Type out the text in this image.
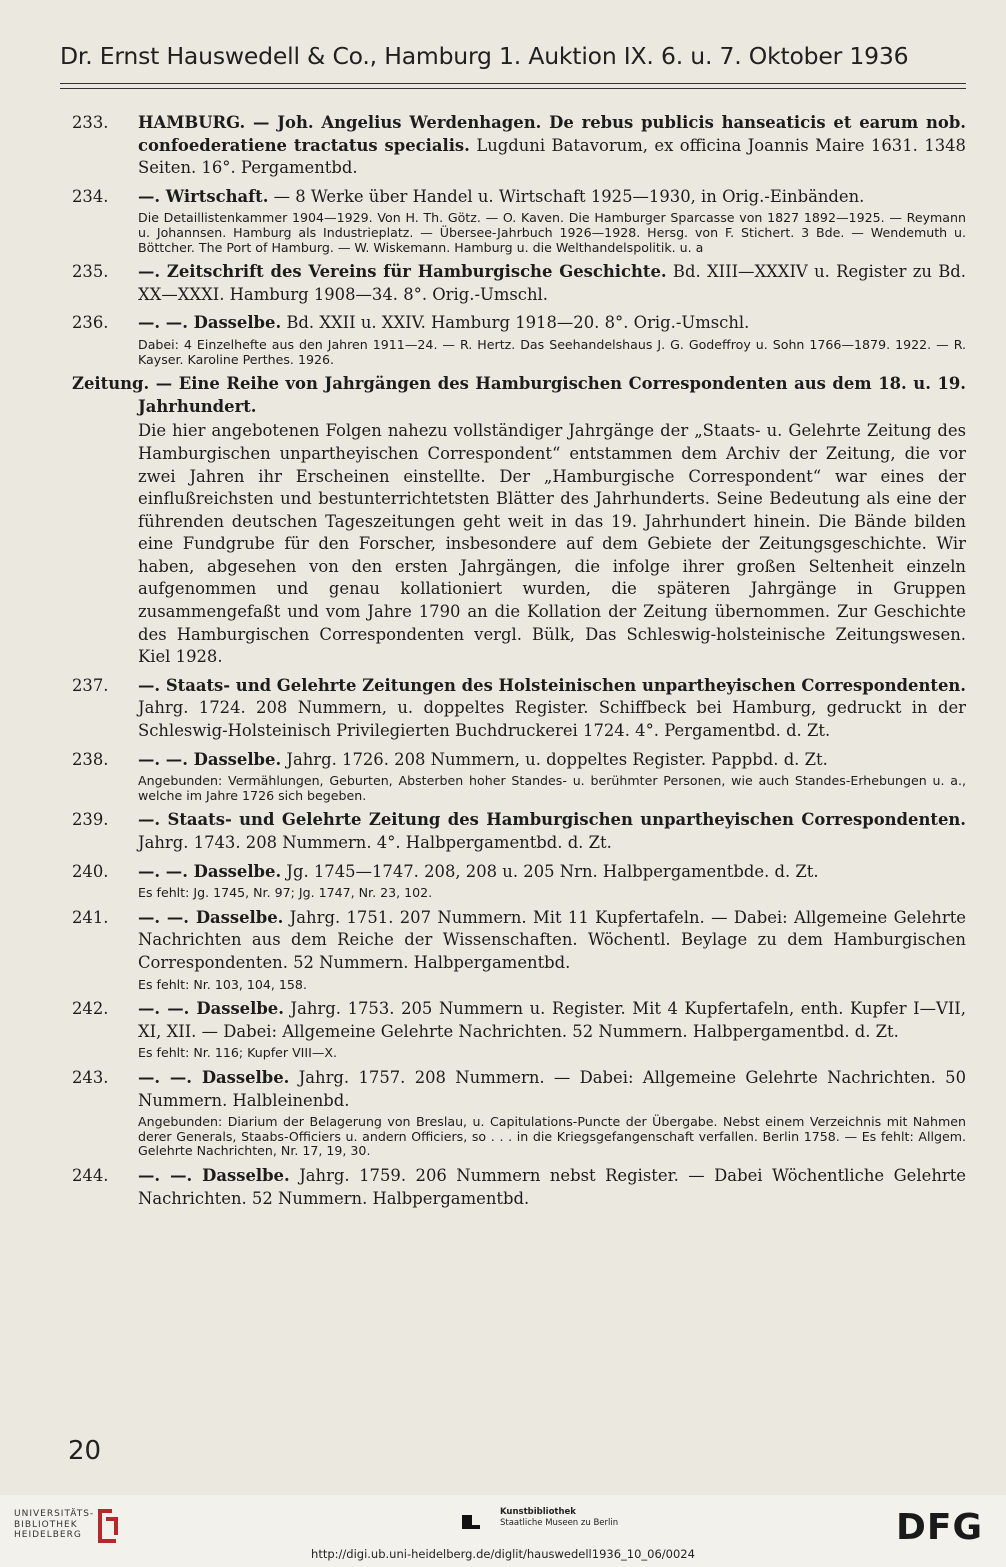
Dr. Ernst Hauswedell & Co., Hamburg 1. Auktion IX. 6. u. 7. Oktober 1936
233.	HAMBURG. — Joh. Angelius Werdenhagen. De rebus publicis hanseaticis et earum nob. confoederatiene tractatus specialis. Lugduni Batavorum, ex officina Joannis Maire 1631. 1348 Seiten. 16°. Pergamentbd.
234.	—. Wirtschaft. — 8 Werke über Handel u. Wirtschaft 1925—1930, in Orig.-Einbänden.
Die Detaillistenkammer 1904—1929. Von H. Th. Götz. — O. Kaven. Die Hamburger Sparcasse von 1827 1892—1925. — Reymann u. Johannsen. Hamburg als Industrieplatz. — Übersee-Jahrbuch 1926—1928. Hersg. von F. Stichert. 3 Bde. — Wendemuth u. Böttcher. The Port of Hamburg. — W. Wiskemann. Hamburg u. die Welthandelspolitik. u. a
235.	—. Zeitschrift des Vereins für Hamburgische Geschichte. Bd. XIII—XXXIV u. Register zu Bd. XX—XXXI. Hamburg 1908—34. 8°. Orig.-Umschl.
236.	—. —. Dasselbe. Bd. XXII u. XXIV. Hamburg 1918—20. 8°. Orig.-Umschl.
Dabei: 4 Einzelhefte aus den Jahren 1911—24. — R. Hertz. Das Seehandelshaus J. G. Godeffroy u. Sohn 1766—1879. 1922. — R. Kayser. Karoline Perthes. 1926.
Zeitung. — Eine Reihe von Jahrgängen des Hamburgischen Correspondenten aus dem 18. u. 19. Jahrhundert.
Die hier angebotenen Folgen nahezu vollständiger Jahrgänge der „Staats- u. Gelehrte Zeitung des Hamburgischen unpartheyischen Correspondent“ entstammen dem Archiv der Zeitung, die vor zwei Jahren ihr Erscheinen einstellte. Der „Hamburgische Correspondent“ war eines der einflußreichsten und bestunterrichtetsten Blätter des Jahrhunderts. Seine Bedeutung als eine der führenden deutschen Tageszeitungen geht weit in das 19. Jahrhundert hinein. Die Bände bilden eine Fundgrube für den Forscher, insbesondere auf dem Gebiete der Zeitungsgeschichte. Wir haben, abgesehen von den ersten Jahrgängen, die infolge ihrer großen Seltenheit einzeln aufgenommen und genau kollationiert wurden, die späteren Jahrgänge in Gruppen zusammengefaßt und vom Jahre 1790 an die Kollation der Zeitung übernommen. Zur Geschichte des Hamburgischen Correspondenten vergl. Bülk, Das Schleswig-holsteinische Zeitungswesen. Kiel 1928.
237.	—. Staats- und Gelehrte Zeitungen des Holsteinischen unpartheyischen Correspondenten. Jahrg. 1724. 208 Nummern, u. doppeltes Register. Schiffbeck bei Hamburg, gedruckt in der Schleswig-Holsteinisch Privilegierten Buchdruckerei 1724. 4°. Pergamentbd. d. Zt.
238.	—. —. Dasselbe. Jahrg. 1726. 208 Nummern, u. doppeltes Register. Pappbd. d. Zt.
Angebunden: Vermählungen, Geburten, Absterben hoher Standes- u. berühmter Personen, wie auch Standes-Erhebungen u. a., welche im Jahre 1726 sich begeben.
239.	—. Staats- und Gelehrte Zeitung des Hamburgischen unpartheyischen Correspondenten. Jahrg. 1743. 208 Nummern. 4°. Halbpergamentbd. d. Zt.
240.	—. —. Dasselbe. Jg. 1745—1747. 208, 208 u. 205 Nrn. Halbpergamentbde. d. Zt.
Es fehlt: Jg. 1745, Nr. 97; Jg. 1747, Nr. 23, 102.
241.	—. —. Dasselbe. Jahrg. 1751. 207 Nummern. Mit 11 Kupfertafeln. — Dabei: Allgemeine Gelehrte Nachrichten aus dem Reiche der Wissenschaften. Wöchentl. Beylage zu dem Hamburgischen Correspondenten. 52 Nummern. Halbpergamentbd.
Es fehlt: Nr. 103, 104, 158.
242.	—. —. Dasselbe. Jahrg. 1753. 205 Nummern u. Register. Mit 4 Kupfertafeln, enth. Kupfer I—VII, XI, XII. — Dabei: Allgemeine Gelehrte Nachrichten. 52 Nummern. Halbpergamentbd. d. Zt.
Es fehlt: Nr. 116; Kupfer VIII—X.
243.	—. —. Dasselbe. Jahrg. 1757. 208 Nummern. — Dabei: Allgemeine Gelehrte Nachrichten. 50 Nummern. Halbleinenbd.
Angebunden: Diarium der Belagerung von Breslau, u. Capitulations-Puncte der Übergabe. Nebst einem Verzeichnis mit Nahmen derer Generals, Staabs-Officiers u. andern Officiers, so . . . in die Kriegsgefangenschaft verfallen. Berlin 1758. — Es fehlt: Allgem. Gelehrte Nachrichten, Nr. 17, 19, 30.
244.	—. —. Dasselbe. Jahrg. 1759. 206 Nummern nebst Register. — Dabei Wöchentliche Gelehrte Nachrichten. 52 Nummern. Halbpergamentbd.
20
UNIVERSITÄTS-
BIBLIOTHEK
HEIDELBERG
Kunstbibliothek
Staatliche Museen zu Berlin	DFG
http://digi.ub.uni-heidelberg.de/diglit/hauswedell1936_10_06/0024
